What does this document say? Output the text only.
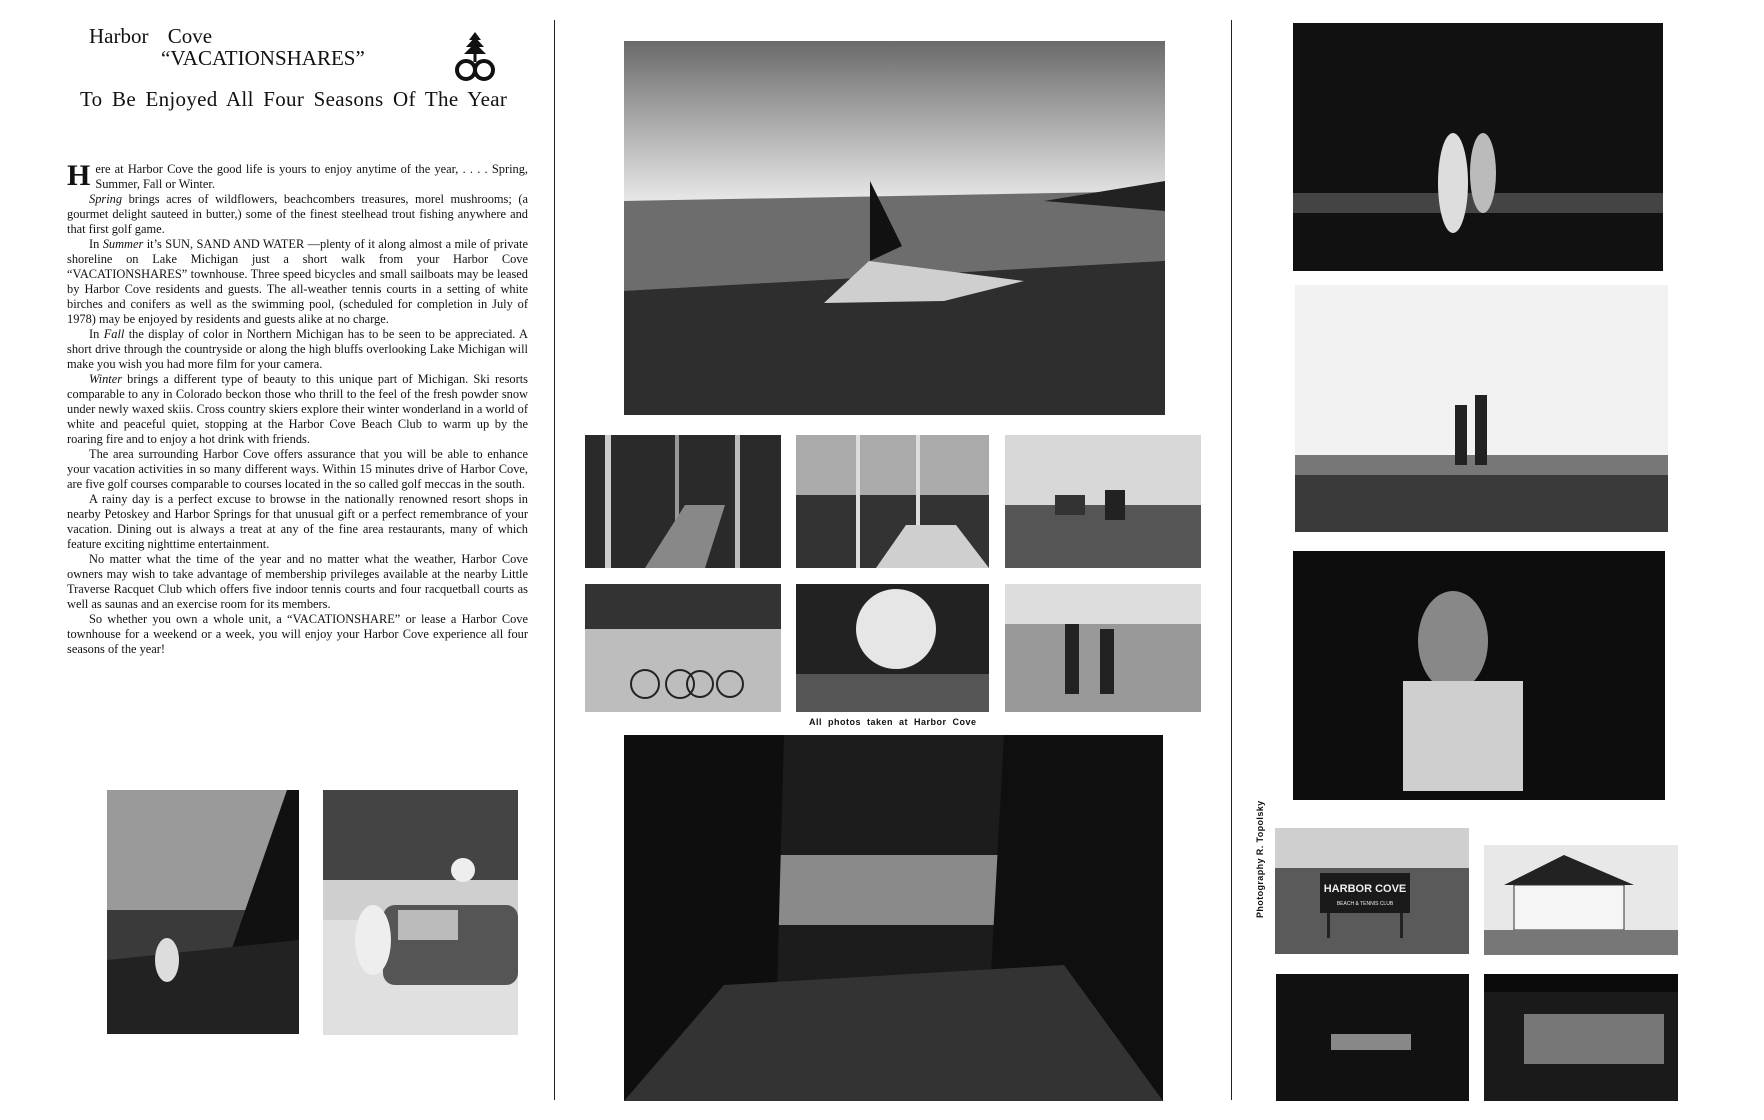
Harbor Cove
“VACATIONSHARES”
To Be Enjoyed All Four Seasons Of The Year

Here at Harbor Cove the good life is yours to enjoy anytime of the year, . . . . Spring, Summer, Fall or Winter.

Spring brings acres of wildflowers, beachcombers treasures, morel mushrooms; (a gourmet delight sauteed in butter,) some of the finest steelhead trout fishing anywhere and that first golf game.

In Summer it’s SUN, SAND AND WATER —plenty of it along almost a mile of private shoreline on Lake Michigan just a short walk from your Harbor Cove “VACATIONSHARES” townhouse. Three speed bicycles and small sailboats may be leased by Harbor Cove residents and guests. The all-weather tennis courts in a setting of white birches and conifers as well as the swimming pool, (scheduled for completion in July of 1978) may be enjoyed by residents and guests alike at no charge.

In Fall the display of color in Northern Michigan has to be seen to be appreciated. A short drive through the countryside or along the high bluffs overlooking Lake Michigan will make you wish you had more film for your camera.

Winter brings a different type of beauty to this unique part of Michigan. Ski resorts comparable to any in Colorado beckon those who thrill to the feel of the fresh powder snow under newly waxed skiis. Cross country skiers explore their winter wonderland in a world of white and peaceful quiet, stopping at the Harbor Cove Beach Club to warm up by the roaring fire and to enjoy a hot drink with friends.

The area surrounding Harbor Cove offers assurance that you will be able to enhance your vacation activities in so many different ways. Within 15 minutes drive of Harbor Cove, are five golf courses comparable to courses located in the so called golf meccas in the south.

A rainy day is a perfect excuse to browse in the nationally renowned resort shops in nearby Petoskey and Harbor Springs for that unusual gift or a perfect remembrance of your vacation. Dining out is always a treat at any of the fine area restaurants, many of which feature exciting nighttime entertainment.

No matter what the time of the year and no matter what the weather, Harbor Cove owners may wish to take advantage of membership privileges available at the nearby Little Traverse Racquet Club which offers five indoor tennis courts and four racquetball courts as well as saunas and an exercise room for its members.

So whether you own a whole unit, a “VACATIONSHARE” or lease a Harbor Cove townhouse for a weekend or a week, you will enjoy your Harbor Cove experience all four seasons of the year!

All photos taken at Harbor Cove
Photography R. Topolsky	HARBOR COVE
BEACH & TENNIS CLUB
